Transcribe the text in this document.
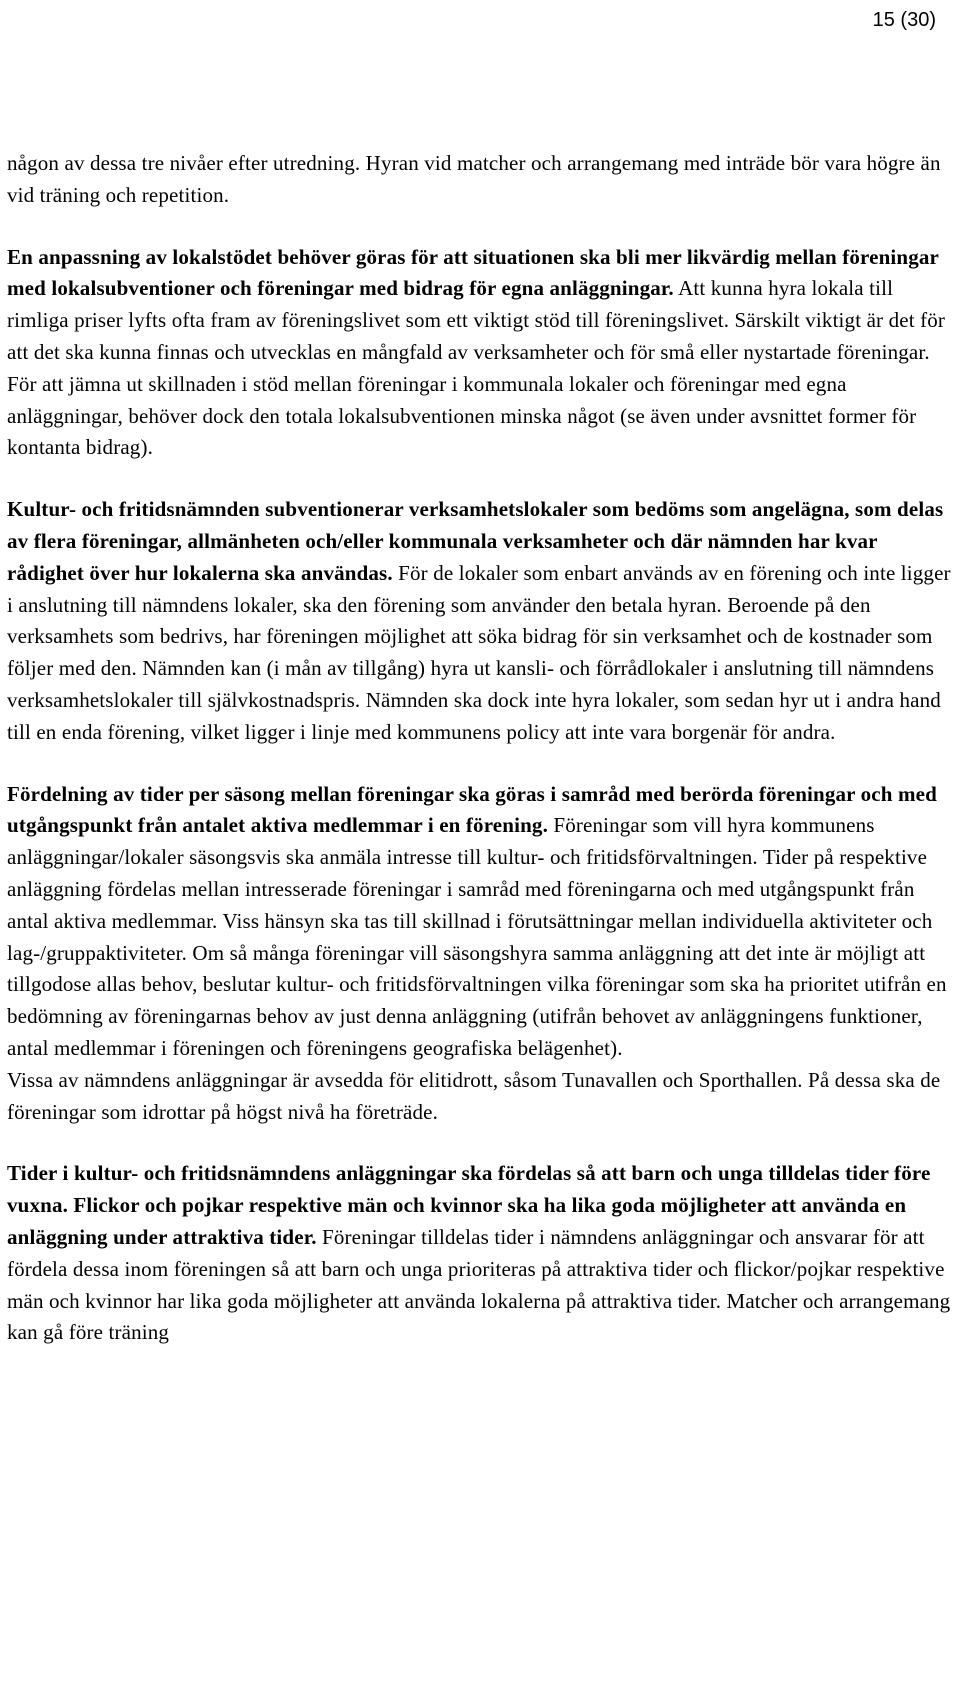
15 (30)

någon av dessa tre nivåer efter utredning. Hyran vid matcher och arrangemang med inträde bör vara högre än vid träning och repetition.

En anpassning av lokalstödet behöver göras för att situationen ska bli mer likvärdig mellan föreningar med lokalsubventioner och föreningar med bidrag för egna anläggningar. Att kunna hyra lokala till rimliga priser lyfts ofta fram av föreningslivet som ett viktigt stöd till föreningslivet. Särskilt viktigt är det för att det ska kunna finnas och utvecklas en mångfald av verksamheter och för små eller nystartade föreningar. För att jämna ut skillnaden i stöd mellan föreningar i kommunala lokaler och föreningar med egna anläggningar, behöver dock den totala lokalsubventionen minska något (se även under avsnittet former för kontanta bidrag).

Kultur- och fritidsnämnden subventionerar verksamhetslokaler som bedöms som angelägna, som delas av flera föreningar, allmänheten och/eller kommunala verksamheter och där nämnden har kvar rådighet över hur lokalerna ska användas. För de lokaler som enbart används av en förening och inte ligger i anslutning till nämndens lokaler, ska den förening som använder den betala hyran. Beroende på den verksamhets som bedrivs, har föreningen möjlighet att söka bidrag för sin verksamhet och de kostnader som följer med den. Nämnden kan (i mån av tillgång) hyra ut kansli- och förrådlokaler i anslutning till nämndens verksamhetslokaler till självkostnadspris. Nämnden ska dock inte hyra lokaler, som sedan hyr ut i andra hand till en enda förening, vilket ligger i linje med kommunens policy att inte vara borgenär för andra.

Fördelning av tider per säsong mellan föreningar ska göras i samråd med berörda föreningar och med utgångspunkt från antalet aktiva medlemmar i en förening. Föreningar som vill hyra kommunens anläggningar/lokaler säsongsvis ska anmäla intresse till kultur- och fritidsförvaltningen. Tider på respektive anläggning fördelas mellan intresserade föreningar i samråd med föreningarna och med utgångspunkt från antal aktiva medlemmar. Viss hänsyn ska tas till skillnad i förutsättningar mellan individuella aktiviteter och lag-/gruppaktiviteter. Om så många föreningar vill säsongshyra samma anläggning att det inte är möjligt att tillgodose allas behov, beslutar kultur- och fritidsförvaltningen vilka föreningar som ska ha prioritet utifrån en bedömning av föreningarnas behov av just denna anläggning (utifrån behovet av anläggningens funktioner, antal medlemmar i föreningen och föreningens geografiska belägenhet).

Vissa av nämndens anläggningar är avsedda för elitidrott, såsom Tunavallen och Sporthallen. På dessa ska de föreningar som idrottar på högst nivå ha företräde.

Tider i kultur- och fritidsnämndens anläggningar ska fördelas så att barn och unga tilldelas tider före vuxna. Flickor och pojkar respektive män och kvinnor ska ha lika goda möjligheter att använda en anläggning under attraktiva tider. Föreningar tilldelas tider i nämndens anläggningar och ansvarar för att fördela dessa inom föreningen så att barn och unga prioriteras på attraktiva tider och flickor/pojkar respektive män och kvinnor har lika goda möjligheter att använda lokalerna på attraktiva tider. Matcher och arrangemang kan gå före träning
